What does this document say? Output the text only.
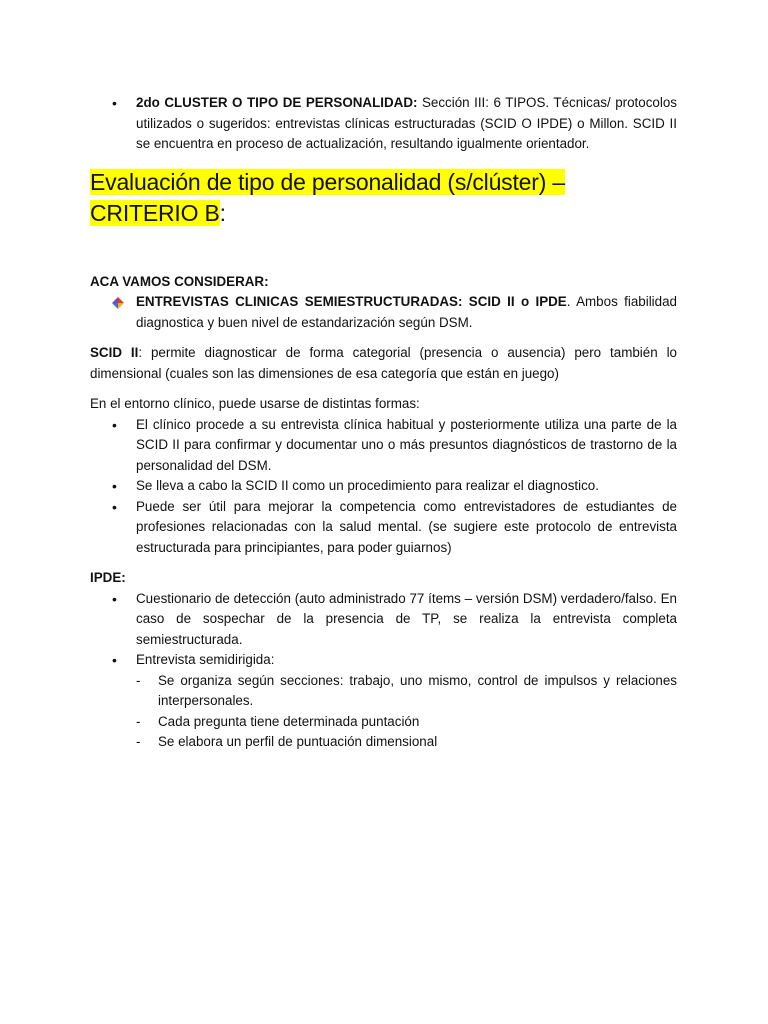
• 2do CLUSTER O TIPO DE PERSONALIDAD: Sección III: 6 TIPOS. Técnicas/ protocolos utilizados o sugeridos: entrevistas clínicas estructuradas (SCID O IPDE) o Millon. SCID II se encuentra en proceso de actualización, resultando igualmente orientador.
Evaluación de tipo de personalidad (s/clúster) – CRITERIO B:

ACA VAMOS CONSIDERAR:

ENTREVISTAS CLINICAS SEMIESTRUCTURADAS: SCID II o IPDE. Ambos fiabilidad diagnostica y buen nivel de estandarización según DSM.

SCID II: permite diagnosticar de forma categorial (presencia o ausencia) pero también lo dimensional (cuales son las dimensiones de esa categoría que están en juego)

En el entorno clínico, puede usarse de distintas formas:

• El clínico procede a su entrevista clínica habitual y posteriormente utiliza una parte de la SCID II para confirmar y documentar uno o más presuntos diagnósticos de trastorno de la personalidad del DSM.
• Se lleva a cabo la SCID II como un procedimiento para realizar el diagnostico.
• Puede ser útil para mejorar la competencia como entrevistadores de estudiantes de profesiones relacionadas con la salud mental. (se sugiere este protocolo de entrevista estructurada para principiantes, para poder guiarnos)

IPDE:

• Cuestionario de detección (auto administrado 77 ítems – versión DSM) verdadero/falso. En caso de sospechar de la presencia de TP, se realiza la entrevista completa semiestructurada.
• Entrevista semidirigida:
- Se organiza según secciones: trabajo, uno mismo, control de impulsos y relaciones interpersonales.
- Cada pregunta tiene determinada puntación
- Se elabora un perfil de puntuación dimensional
